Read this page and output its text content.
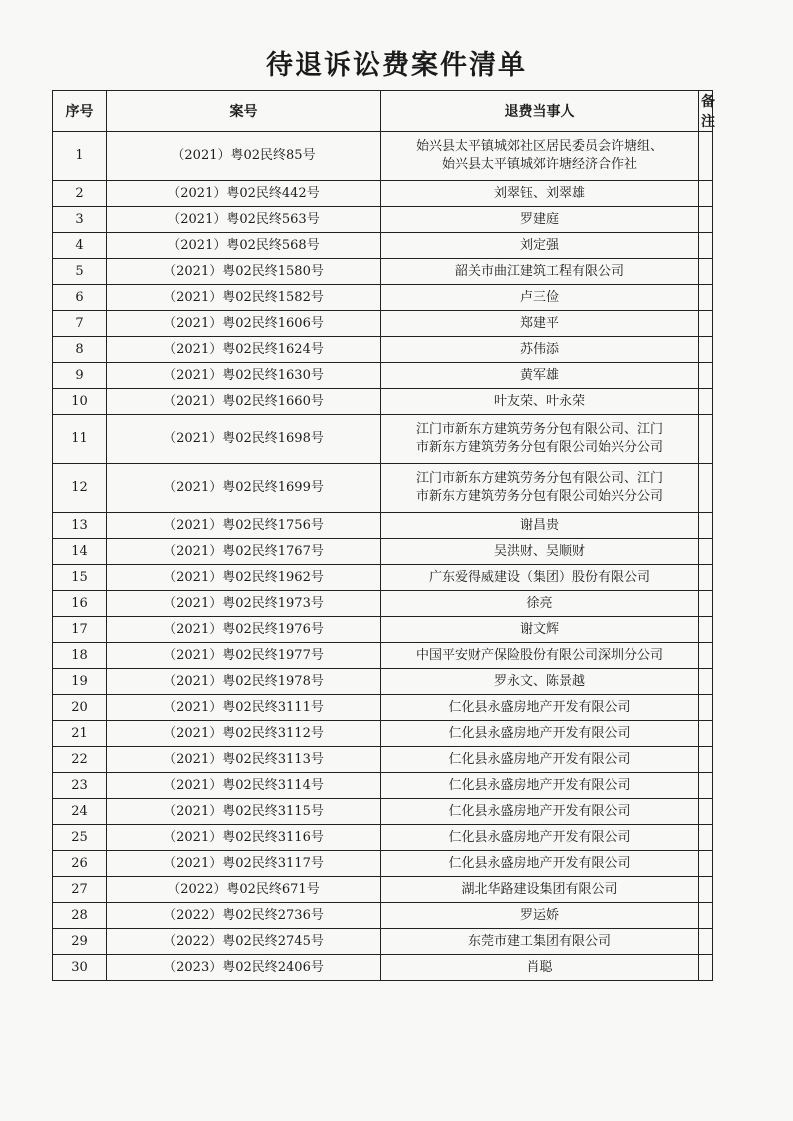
待退诉讼费案件清单
序号	案号	退费当事人	备注
1	（2021）粤02民终85号	始兴县太平镇城郊社区居民委员会许塘组、
始兴县太平镇城郊许塘经济合作社	

2	（2021）粤02民终442号	刘翠钰、刘翠雄	

3	（2021）粤02民终563号	罗建庭	

4	（2021）粤02民终568号	刘定强	

5	（2021）粤02民终1580号	韶关市曲江建筑工程有限公司	

6	（2021）粤02民终1582号	卢三俭	

7	（2021）粤02民终1606号	郑建平	

8	（2021）粤02民终1624号	苏伟添	

9	（2021）粤02民终1630号	黄军雄	

10	（2021）粤02民终1660号	叶友荣、叶永荣	

11	（2021）粤02民终1698号	江门市新东方建筑劳务分包有限公司、江门
市新东方建筑劳务分包有限公司始兴分公司	

12	（2021）粤02民终1699号	江门市新东方建筑劳务分包有限公司、江门
市新东方建筑劳务分包有限公司始兴分公司	

13	（2021）粤02民终1756号	谢昌贵	

14	（2021）粤02民终1767号	吴洪财、吴顺财	

15	（2021）粤02民终1962号	广东爱得威建设（集团）股份有限公司	

16	（2021）粤02民终1973号	徐亮	

17	（2021）粤02民终1976号	谢文辉	

18	（2021）粤02民终1977号	中国平安财产保险股份有限公司深圳分公司	

19	（2021）粤02民终1978号	罗永文、陈景越	

20	（2021）粤02民终3111号	仁化县永盛房地产开发有限公司	

21	（2021）粤02民终3112号	仁化县永盛房地产开发有限公司	

22	（2021）粤02民终3113号	仁化县永盛房地产开发有限公司	

23	（2021）粤02民终3114号	仁化县永盛房地产开发有限公司	

24	（2021）粤02民终3115号	仁化县永盛房地产开发有限公司	

25	（2021）粤02民终3116号	仁化县永盛房地产开发有限公司	

26	（2021）粤02民终3117号	仁化县永盛房地产开发有限公司	

27	（2022）粤02民终671号	湖北华路建设集团有限公司	

28	（2022）粤02民终2736号	罗运娇	

29	（2022）粤02民终2745号	东莞市建工集团有限公司	

30	（2023）粤02民终2406号	肖聪	
